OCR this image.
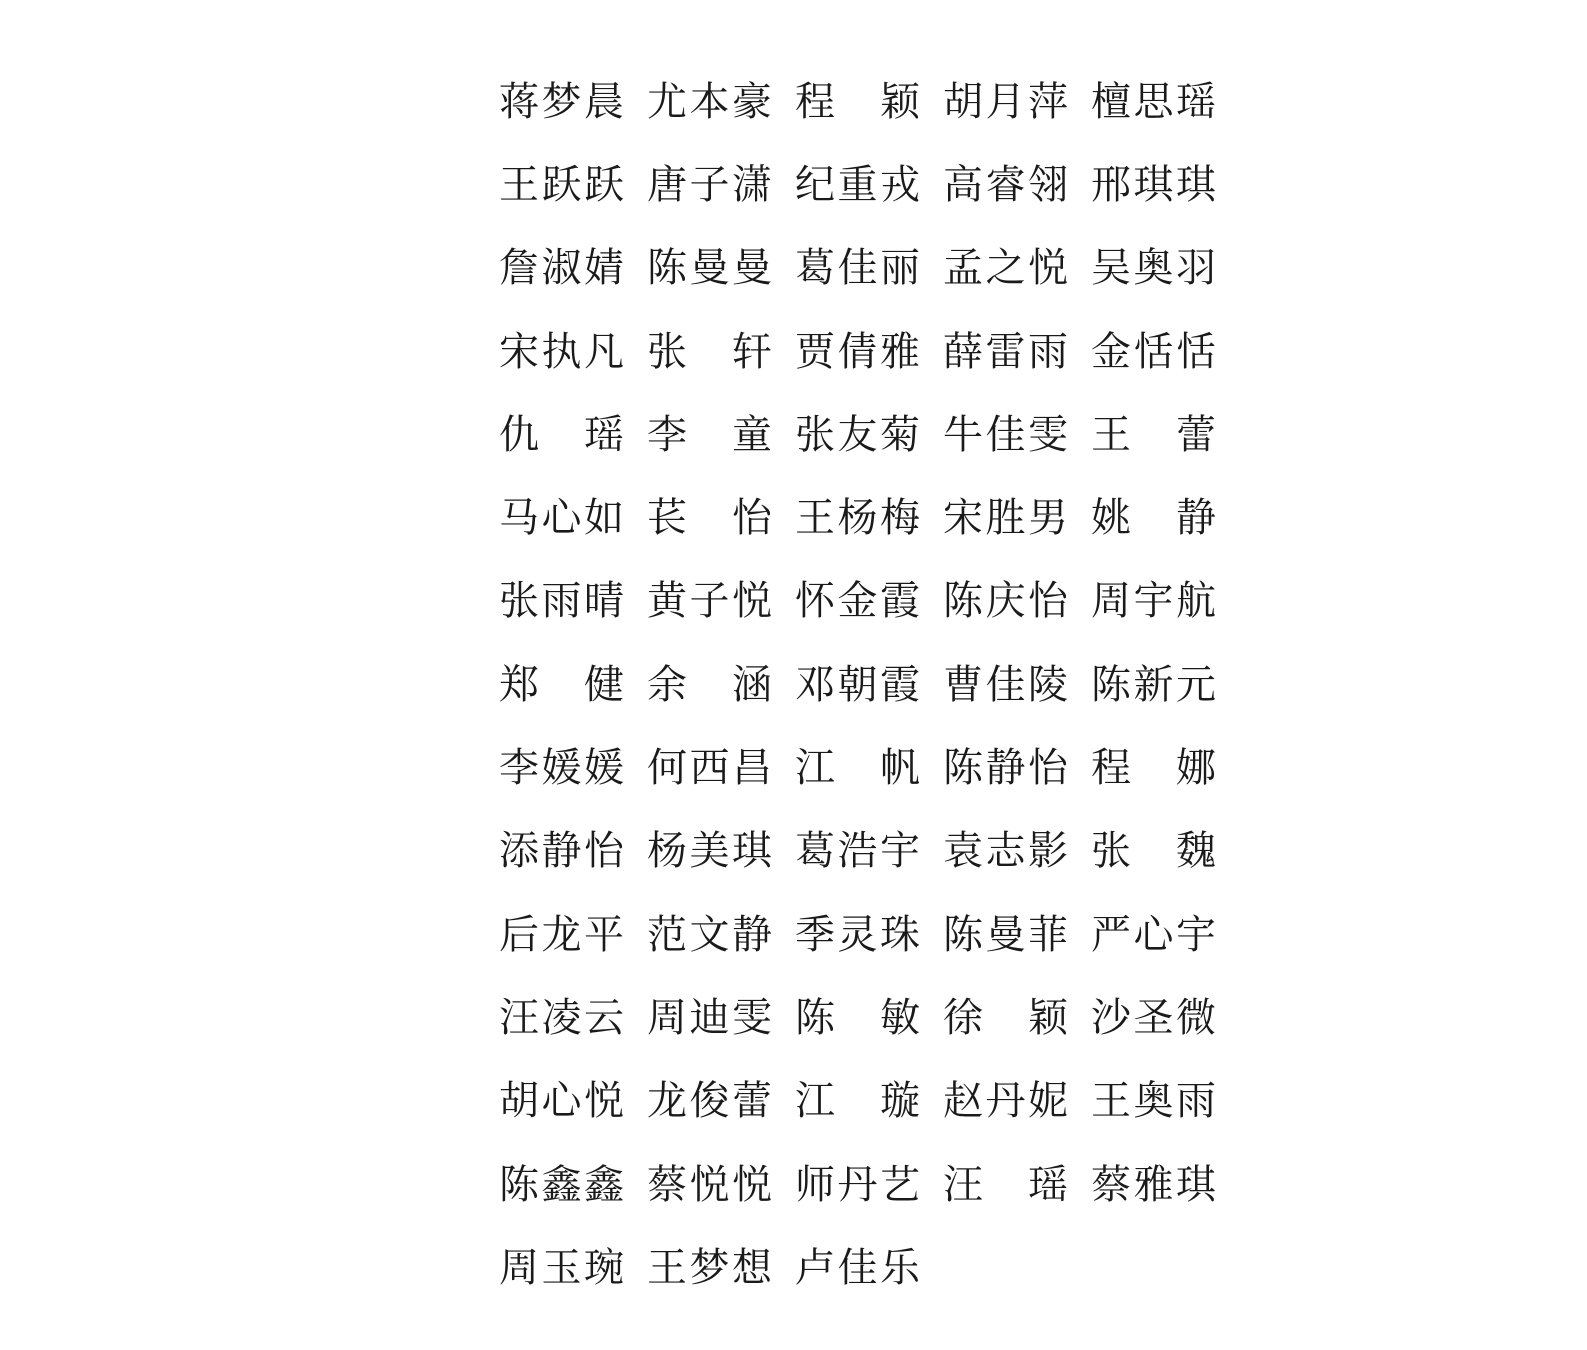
蒋 梦 晨 尤 本 豪 程 颖 胡 月 萍 檀 思 瑶
王 跃 跃 唐 子 潇 纪 重 戎 高 睿 翎 邢 琪 琪
詹 淑 婧 陈 曼 曼 葛 佳 丽 孟 之 悦 吴 奥 羽
宋 执 凡 张 轩 贾 倩 雅 薛 雷 雨 金 恬 恬
仇 瑶 李 童 张 友 菊 牛 佳 雯 王 蕾
马 心 如 苌 怡 王 杨 梅 宋 胜 男 姚 静
张 雨 晴 黄 子 悦 怀 金 霞 陈 庆 怡 周 宇 航
郑 健 余 涵 邓 朝 霞 曹 佳 陵 陈 新 元
李 媛 媛 何 西 昌 江 帆 陈 静 怡 程 娜
添 静 怡 杨 美 琪 葛 浩 宇 袁 志 影 张 魏
后 龙 平 范 文 静 季 灵 珠 陈 曼 菲 严 心 宇
汪 凌 云 周 迪 雯 陈 敏 徐 颖 沙 圣 微
胡 心 悦 龙 俊 蕾 江 璇 赵 丹 妮 王 奥 雨
陈 鑫 鑫 蔡 悦 悦 师 丹 艺 汪 瑶 蔡 雅 琪
周 玉 琬 王 梦 想 卢 佳 乐
